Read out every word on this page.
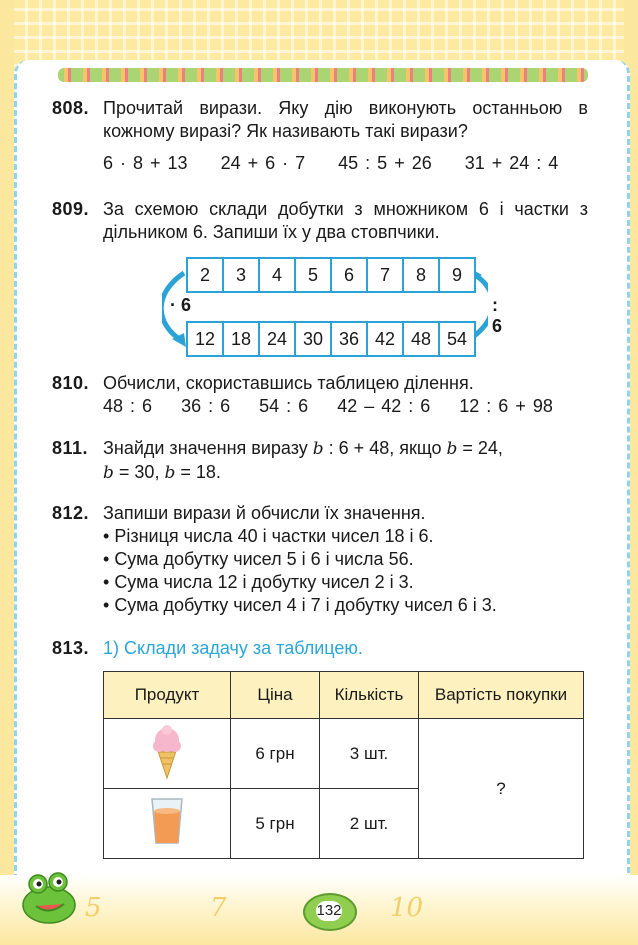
5	7	10
808. Прочитай вирази. Яку дію виконують останньою в кожному виразі? Як називають такі вирази?

6 · 8 + 13 24 + 6 · 7 45 : 5 + 26 31 + 24 : 4
809. За схемою склади добутки з множником 6 і частки з дільником 6. Запиши їх у два стовпчики.

2	3	4	5	6	7	8	9
· 6	: 6
12 18 24 30 36 42 48 54
810. Обчисли, скориставшись таблицею ділення.

48 : 6 36 : 6 54 : 6 42 – 42 : 6 12 : 6 + 98
811. Знайди значення виразу b : 6 + 48, якщо b = 24,
b = 30, b = 18.
812. Запиши вирази й обчисли їх значення.

• Різниця числа 40 і частки чисел 18 і 6.
• Сума добутку чисел 5 і 6 і числа 56.
• Сума числа 12 і добутку чисел 2 і 3.
• Сума добутку чисел 4 і 7 і добутку чисел 6 і 3.
813. 1) Склади задачу за таблицею.

Продукт	Ціна	Кількість	Вартість покупки
	6 грн	3 шт.	?
	5 грн	2 шт.	
132
